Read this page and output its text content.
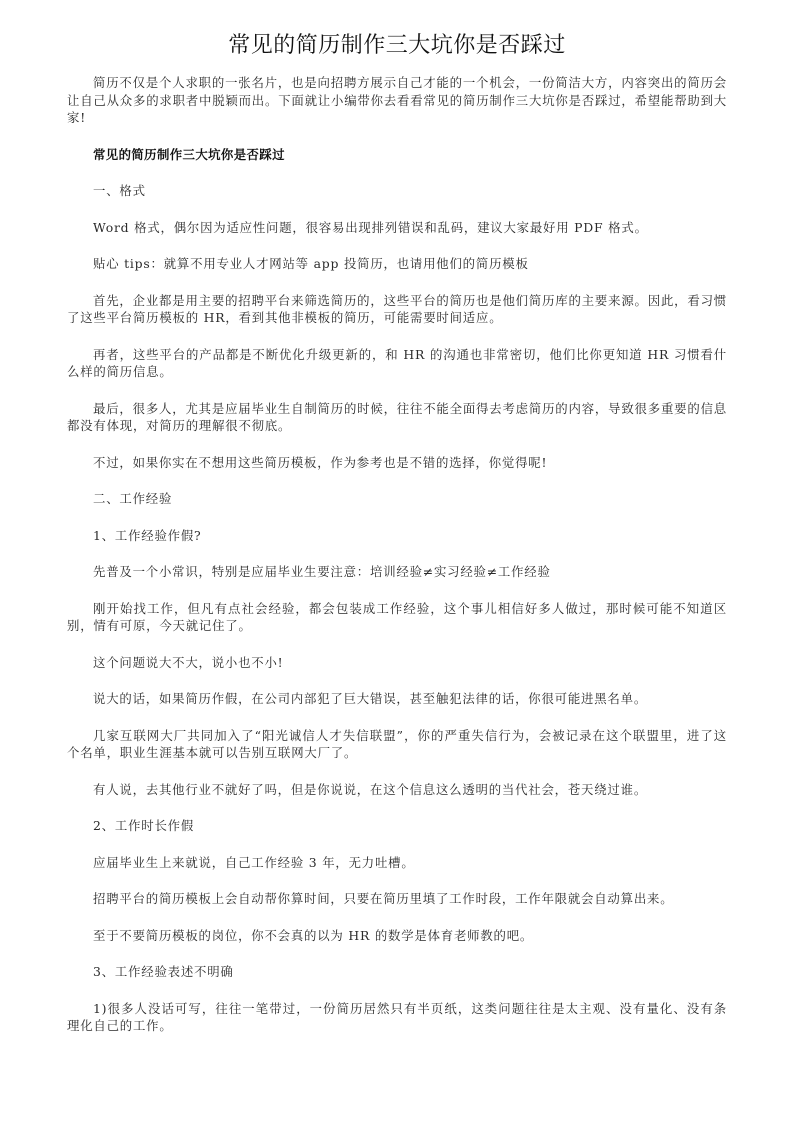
常见的简历制作三大坑你是否踩过

简历不仅是个人求职的一张名片，也是向招聘方展示自己才能的一个机会，一份简洁大方，内容突出的简历会让自己从众多的求职者中脱颖而出。下面就让小编带你去看看常见的简历制作三大坑你是否踩过，希望能帮助到大家!

常见的简历制作三大坑你是否踩过

一、格式

Word 格式，偶尔因为适应性问题，很容易出现排列错误和乱码，建议大家最好用 PDF 格式。

贴心 tips：就算不用专业人才网站等 app 投简历，也请用他们的简历模板

首先，企业都是用主要的招聘平台来筛选简历的，这些平台的简历也是他们简历库的主要来源。因此，看习惯了这些平台简历模板的 HR，看到其他非模板的简历，可能需要时间适应。

再者，这些平台的产品都是不断优化升级更新的，和 HR 的沟通也非常密切，他们比你更知道 HR 习惯看什么样的简历信息。

最后，很多人，尤其是应届毕业生自制简历的时候，往往不能全面得去考虑简历的内容，导致很多重要的信息都没有体现，对简历的理解很不彻底。

不过，如果你实在不想用这些简历模板，作为参考也是不错的选择，你觉得呢!

二、工作经验

1、工作经验作假?

先普及一个小常识，特别是应届毕业生要注意：培训经验≠实习经验≠工作经验

刚开始找工作，但凡有点社会经验，都会包装成工作经验，这个事儿相信好多人做过，那时候可能不知道区别，情有可原，今天就记住了。

这个问题说大不大，说小也不小!

说大的话，如果简历作假，在公司内部犯了巨大错误，甚至触犯法律的话，你很可能进黑名单。

几家互联网大厂共同加入了“阳光诚信人才失信联盟”，你的严重失信行为，会被记录在这个联盟里，进了这个名单，职业生涯基本就可以告别互联网大厂了。

有人说，去其他行业不就好了吗，但是你说说，在这个信息这么透明的当代社会，苍天绕过谁。

2、工作时长作假

应届毕业生上来就说，自己工作经验 3 年，无力吐槽。

招聘平台的简历模板上会自动帮你算时间，只要在简历里填了工作时段，工作年限就会自动算出来。

至于不要简历模板的岗位，你不会真的以为 HR 的数学是体育老师教的吧。

3、工作经验表述不明确

1)很多人没话可写，往往一笔带过，一份简历居然只有半页纸，这类问题往往是太主观、没有量化、没有条理化自己的工作。
